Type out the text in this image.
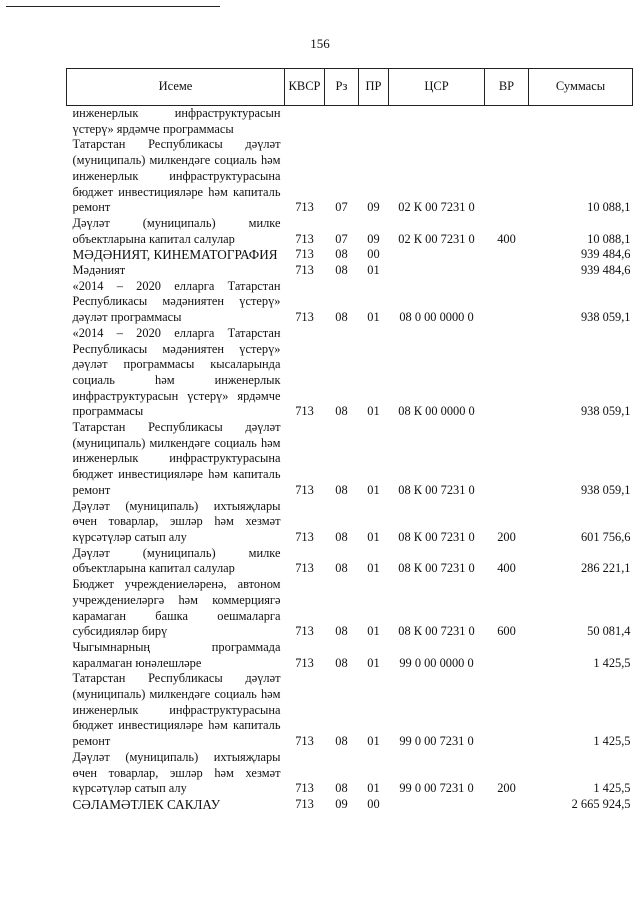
156
Исеме	КВСР	Рз	ПР	ЦСР	ВР	Суммасы
инженерлык инфраструктурасын үстерү» ярдәмче программасы						
Татарстан Республикасы дәүләт (муниципаль) милкендәге социаль һәм инженерлык инфраструктурасына бюджет инвестицияләре һәм капиталь ремонт	713	07	09	02 К 00 7231 0		10 088,1
Дәүләт (муниципаль) милке объектларына капитал салулар	713	07	09	02 К 00 7231 0	400	10 088,1
МӘДӘНИЯТ, КИНЕМАТОГРАФИЯ	713	08	00			939 484,6
Мәдәният	713	08	01			939 484,6
«2014 – 2020 елларга Татарстан Республикасы мәдәниятен үстерү» дәүләт программасы	713	08	01	08 0 00 0000 0		938 059,1
«2014 – 2020 елларга Татарстан Республикасы мәдәниятен үстерү» дәүләт программасы кысаларында социаль һәм инженерлык инфраструктурасын үстерү» ярдәмче программасы	713	08	01	08 К 00 0000 0		938 059,1
Татарстан Республикасы дәүләт (муниципаль) милкендәге социаль һәм инженерлык инфраструктурасына бюджет инвестицияләре һәм капиталь ремонт	713	08	01	08 К 00 7231 0		938 059,1
Дәүләт (муниципаль) ихтыяҗлары өчен товарлар, эшләр һәм хезмәт күрсәтүләр сатып алу	713	08	01	08 К 00 7231 0	200	601 756,6
Дәүләт (муниципаль) милке объектларына капитал салулар	713	08	01	08 К 00 7231 0	400	286 221,1
Бюджет учреждениеләренә, автоном учреждениеләргә һәм коммерциягә карамаган башка оешмаларга субсидияләр бирү	713	08	01	08 К 00 7231 0	600	50 081,4
Чыгымнарның программада каралмаган юнәлешләре	713	08	01	99 0 00 0000 0		1 425,5
Татарстан Республикасы дәүләт (муниципаль) милкендәге социаль һәм инженерлык инфраструктурасына бюджет инвестицияләре һәм капиталь ремонт	713	08	01	99 0 00 7231 0		1 425,5
Дәүләт (муниципаль) ихтыяҗлары өчен товарлар, эшләр һәм хезмәт күрсәтүләр сатып алу	713	08	01	99 0 00 7231 0	200	1 425,5
СӘЛАМӘТЛЕК САКЛАУ	713	09	00			2 665 924,5
